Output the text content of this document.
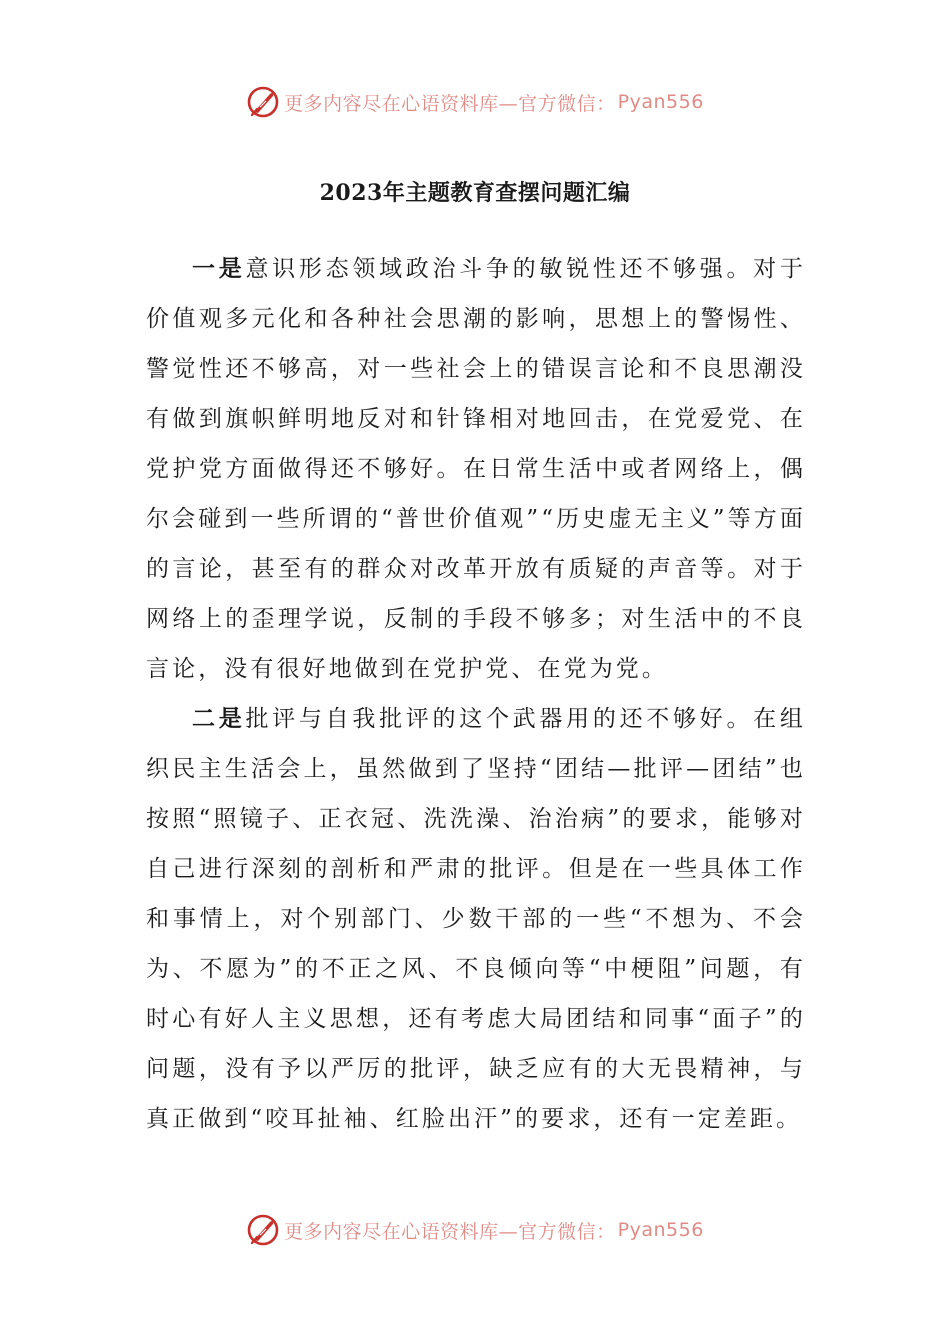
更多内容尽在心语资料库—官方微信： Pyan556
2023年主题教育查摆问题汇编

一是意识形态领域政治斗争的敏锐性还不够强。对于价值观多元化和各种社会思潮的影响，思想上的警惕性、警觉性还不够高，对一些社会上的错误言论和不良思潮没有做到旗帜鲜明地反对和针锋相对地回击，在党爱党、在党护党方面做得还不够好。在日常生活中或者网络上，偶尔会碰到一些所谓的“普世价值观”“历史虚无主义”等方面的言论，甚至有的群众对改革开放有质疑的声音等。对于网络上的歪理学说，反制的手段不够多；对生活中的不良言论，没有很好地做到在党护党、在党为党。

二是批评与自我批评的这个武器用的还不够好。在组织民主生活会上，虽然做到了坚持“团结—批评—团结”也按照“照镜子、正衣冠、洗洗澡、治治病”的要求，能够对自己进行深刻的剖析和严肃的批评。但是在一些具体工作和事情上，对个别部门、少数干部的一些“不想为、不会为、不愿为”的不正之风、不良倾向等“中梗阻”问题，有时心有好人主义思想，还有考虑大局团结和同事“面子”的问题，没有予以严厉的批评，缺乏应有的大无畏精神，与真正做到“咬耳扯袖、红脸出汗”的要求，还有一定差距。

更多内容尽在心语资料库—官方微信： Pyan556
